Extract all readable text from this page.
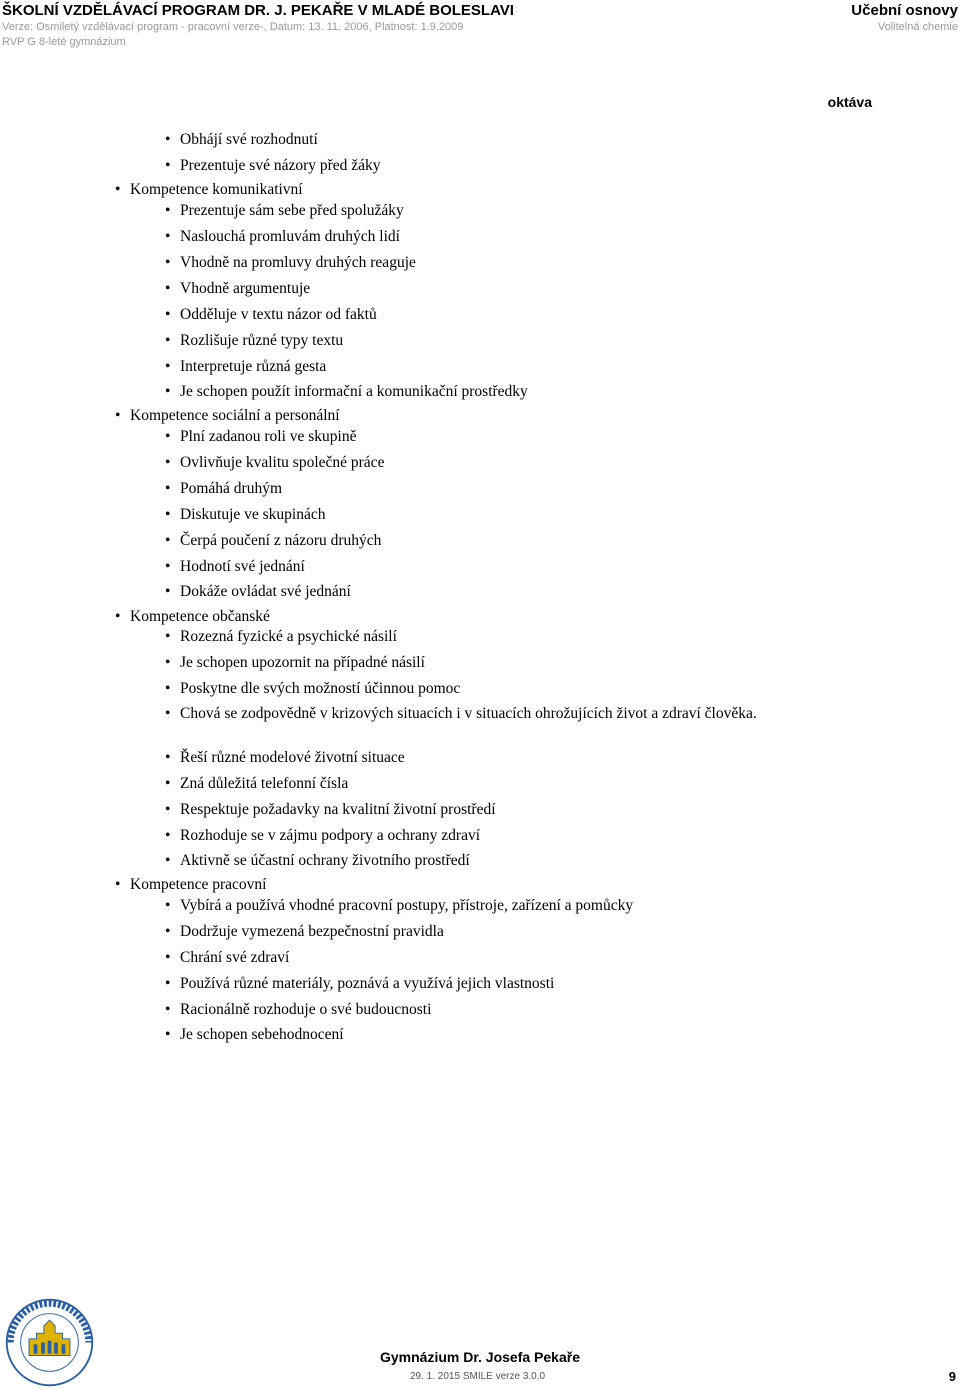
ŠKOLNÍ VZDĚLÁVACÍ PROGRAM DR. J. PEKAŘE V MLADÉ BOLESLAVI	Učební osnovy
Verze: Osmiletý vzdělávací program - pracovní verze-, Datum: 13. 11. 2006, Platnost: 1.9.2009	Volitelná chemie
RVP G 8-leté gymnázium
oktáva
• Obhájí své rozhodnutí
• Prezentuje své názory před žáky
• Kompetence komunikativní
• Prezentuje sám sebe před spolužáky
• Naslouchá promluvám druhých lidí
• Vhodně na promluvy druhých reaguje
• Vhodně argumentuje
• Odděluje v textu názor od faktů
• Rozlišuje různé typy textu
• Interpretuje různá gesta
• Je schopen použít informační a komunikační prostředky
• Kompetence sociální a personální
• Plní zadanou roli ve skupině
• Ovlivňuje kvalitu společné práce
• Pomáhá druhým
• Diskutuje ve skupinách
• Čerpá poučení z názoru druhých
• Hodnotí své jednání
• Dokáže ovládat své jednání
• Kompetence občanské
• Rozezná fyzické a psychické násilí
• Je schopen upozornit na případné násilí
• Poskytne dle svých možností účinnou pomoc
• Chová se zodpovědně v krizových situacích i v situacích ohrožujících život a zdraví člověka.
• Řeší různé modelové životní situace
• Zná důležitá telefonní čísla
• Respektuje požadavky na kvalitní životní prostředí
• Rozhoduje se v zájmu podpory a ochrany zdraví
• Aktivně se účastní ochrany životního prostředí
• Kompetence pracovní
• Vybírá a používá vhodné pracovní postupy, přístroje, zařízení a pomůcky
• Dodržuje vymezená bezpečnostní pravidla
• Chrání své zdraví
• Používá různé materiály, poznává a využívá jejich vlastnosti
• Racionálně rozhoduje o své budoucnosti
• Je schopen sebehodnocení
Gymnázium Dr. Josefa Pekaře
29. 1. 2015 SMILE verze 3.0.0	9
